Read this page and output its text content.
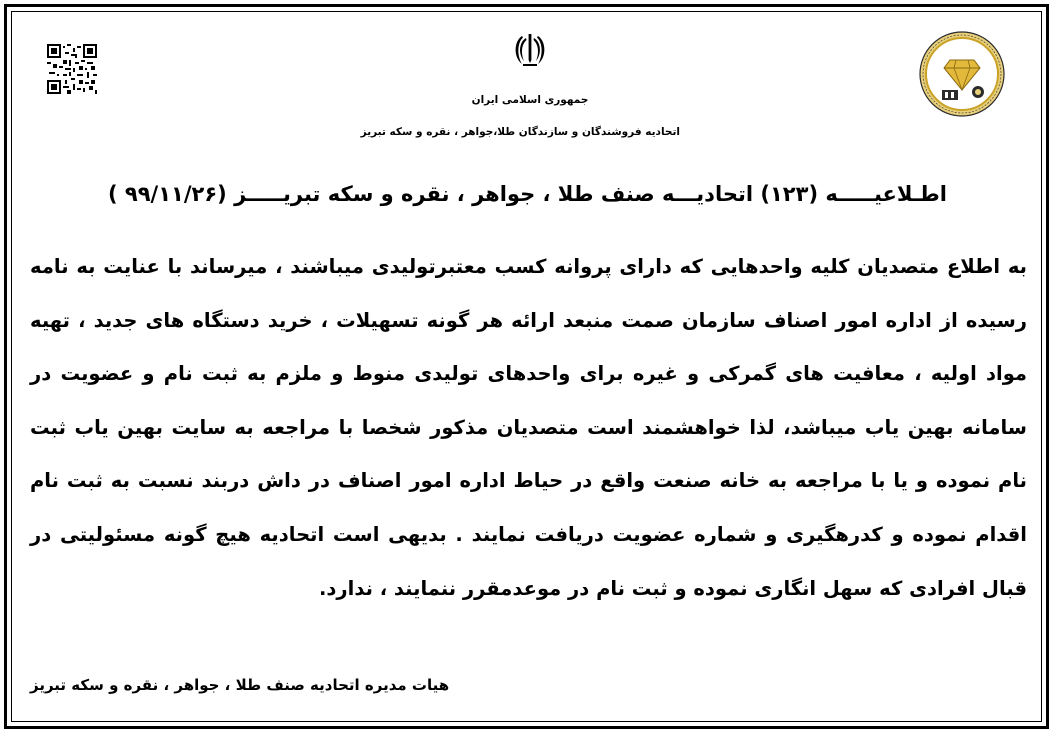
جمهوری اسلامی ایران
اتحادیه فروشندگان و سازندگان طلا،جواهر ، نقره و سکه تبریز
اطـلاعیـــــه (۱۲۳) اتحادیـــه صنف طلا ، جواهر ، نقره و سکه تبریـــــز (۹۹/۱۱/۲۶ )
به اطلاع متصدیان کلیه واحدهایی که دارای پروانه کسب معتبرتولیدی میباشند ، میرساند با عنایت به نامه رسیده از اداره امور اصناف سازمان صمت منبعد ارائه هر گونه تسهیلات ، خرید دستگاه های جدید ، تهیه مواد اولیه ، معافیت های گمرکی و غیره برای واحدهای تولیدی منوط و ملزم به ثبت نام و عضویت در سامانه بهین یاب میباشد، لذا خواهشمند است متصدیان مذکور شخصا با مراجعه به سایت بهین یاب ثبت نام نموده و یا با مراجعه به خانه صنعت واقع در حیاط اداره امور اصناف در داش دربند نسبت به ثبت نام اقدام نموده و کدرهگیری و شماره عضویت دریافت نمایند . بدیهی است اتحادیه هیچ گونه مسئولیتی در قبال افرادی که سهل انگاری نموده و ثبت نام در موعدمقرر ننمایند ، ندارد.
هیات مدیره اتحادیه صنف طلا ، جواهر ، نقره و سکه تبریز
